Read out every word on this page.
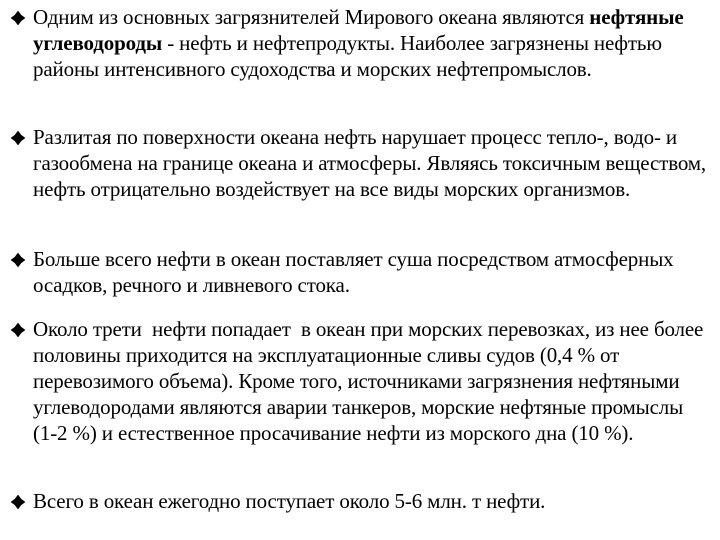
Одним из основных загрязнителей Мирового океана являются нефтяные углеводороды - нефть и нефтепродукты. Наиболее загрязнены нефтью районы интенсивного судоходства и морских нефтепромыслов.
Разлитая по поверхности океана нефть нарушает процесс тепло-, водо- и газообмена на границе океана и атмосферы. Являясь токсичным веществом, нефть отрицательно воздействует на все виды морских организмов.
Больше всего нефти в океан поставляет суша посредством атмосферных осадков, речного и ливневого стока.
Около трети  нефти попадает  в океан при морских перевозках, из нее более половины приходится на эксплуатационные сливы судов (0,4 % от перевозимого объема). Кроме того, источниками загрязнения нефтяными углеводородами являются аварии танкеров, морские нефтяные промыслы (1-2 %) и естественное просачивание нефти из морского дна (10 %).
Всего в океан ежегодно поступает около 5-6 млн. т нефти.
